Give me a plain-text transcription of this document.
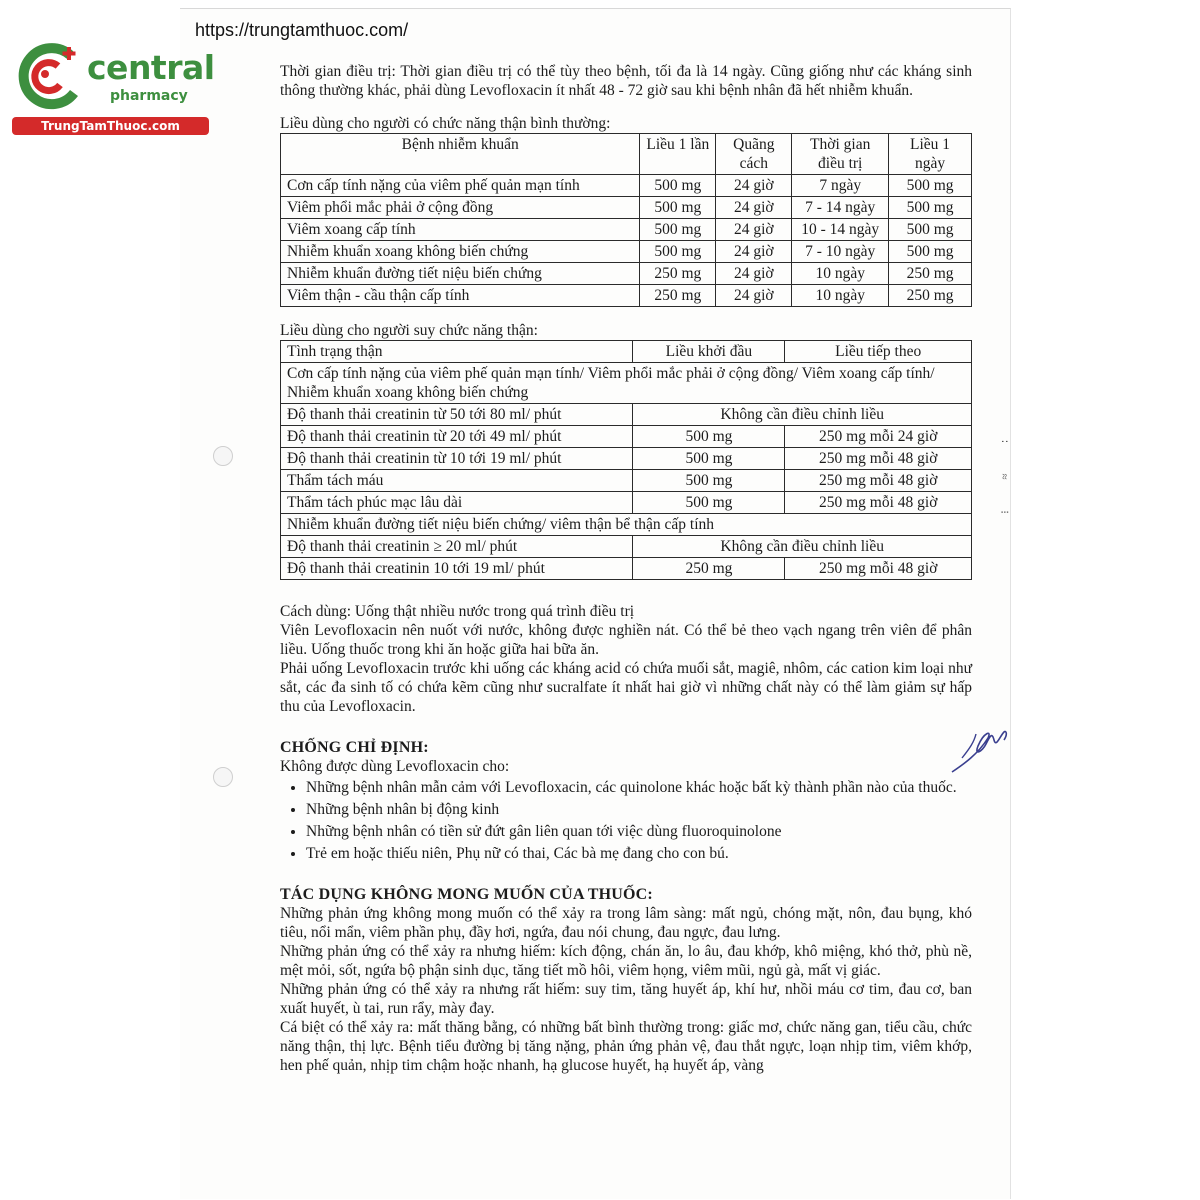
https://trungtamthuoc.com/
central
pharmacy
TrungTamThuoc.com
∶ ≈ ⁝

Thời gian điều trị: Thời gian điều trị có thể tùy theo bệnh, tối đa là 14 ngày. Cũng giống như các kháng sinh thông thường khác, phải dùng Levofloxacin ít nhất 48 - 72 giờ sau khi bệnh nhân đã hết nhiễm khuẩn.

Liều dùng cho người có chức năng thận bình thường:

Bệnh nhiễm khuẩn	Liều 1 lần	Quãng cách	Thời gian điều trị	Liều 1 ngày
Cơn cấp tính nặng của viêm phế quản mạn tính	500 mg	24 giờ	7 ngày	500 mg
Viêm phổi mắc phải ở cộng đồng	500 mg	24 giờ	7 - 14 ngày	500 mg
Viêm xoang cấp tính	500 mg	24 giờ	10 - 14 ngày	500 mg
Nhiễm khuẩn xoang không biến chứng	500 mg	24 giờ	7 - 10 ngày	500 mg
Nhiễm khuẩn đường tiết niệu biến chứng	250 mg	24 giờ	10 ngày	250 mg
Viêm thận - cầu thận cấp tính	250 mg	24 giờ	10 ngày	250 mg

Liều dùng cho người suy chức năng thận:

Tình trạng thận	Liều khởi đầu	Liều tiếp theo
Cơn cấp tính nặng của viêm phế quản mạn tính/ Viêm phổi mắc phải ở cộng đồng/ Viêm xoang cấp tính/ Nhiễm khuẩn xoang không biến chứng		
Độ thanh thải creatinin từ 50 tới 80 ml/ phút	Không cần điều chỉnh liều	
Độ thanh thải creatinin từ 20 tới 49 ml/ phút	500 mg	250 mg mỗi 24 giờ
Độ thanh thải creatinin từ 10 tới 19 ml/ phút	500 mg	250 mg mỗi 48 giờ
Thẩm tách máu	500 mg	250 mg mỗi 48 giờ
Thẩm tách phúc mạc lâu dài	500 mg	250 mg mỗi 48 giờ
Nhiễm khuẩn đường tiết niệu biến chứng/ viêm thận bể thận cấp tính		
Độ thanh thải creatinin ≥ 20 ml/ phút	Không cần điều chỉnh liều	
Độ thanh thải creatinin 10 tới 19 ml/ phút	250 mg	250 mg mỗi 48 giờ

Cách dùng: Uống thật nhiều nước trong quá trình điều trị

Viên Levofloxacin nên nuốt với nước, không được nghiền nát. Có thể bẻ theo vạch ngang trên viên để phân liều. Uống thuốc trong khi ăn hoặc giữa hai bữa ăn.

Phải uống Levofloxacin trước khi uống các kháng acid có chứa muối sắt, magiê, nhôm, các cation kim loại như sắt, các đa sinh tố có chứa kẽm cũng như sucralfate ít nhất hai giờ vì những chất này có thể làm giảm sự hấp thu của Levofloxacin.

CHỐNG CHỈ ĐỊNH:

Không được dùng Levofloxacin cho:

• Những bệnh nhân mẫn cảm với Levofloxacin, các quinolone khác hoặc bất kỳ thành phần nào của thuốc.
• Những bệnh nhân bị động kinh
• Những bệnh nhân có tiền sử đứt gân liên quan tới việc dùng fluoroquinolone
• Trẻ em hoặc thiếu niên, Phụ nữ có thai, Các bà mẹ đang cho con bú.

TÁC DỤNG KHÔNG MONG MUỐN CỦA THUỐC:

Những phản ứng không mong muốn có thể xảy ra trong lâm sàng: mất ngủ, chóng mặt, nôn, đau bụng, khó tiêu, nổi mẩn, viêm phần phụ, đầy hơi, ngứa, đau nói chung, đau ngực, đau lưng.

Những phản ứng có thể xảy ra nhưng hiếm: kích động, chán ăn, lo âu, đau khớp, khô miệng, khó thở, phù nề, mệt mỏi, sốt, ngứa bộ phận sinh dục, tăng tiết mồ hôi, viêm họng, viêm mũi, ngủ gà, mất vị giác.

Những phản ứng có thể xảy ra nhưng rất hiếm: suy tim, tăng huyết áp, khí hư, nhồi máu cơ tim, đau cơ, ban xuất huyết, ù tai, run rẩy, mày đay.

Cá biệt có thể xảy ra: mất thăng bằng, có những bất bình thường trong: giấc mơ, chức năng gan, tiểu cầu, chức năng thận, thị lực. Bệnh tiểu đường bị tăng nặng, phản ứng phản vệ, đau thắt ngực, loạn nhịp tim, viêm khớp, hen phế quản, nhịp tim chậm hoặc nhanh, hạ glucose huyết, hạ huyết áp, vàng
